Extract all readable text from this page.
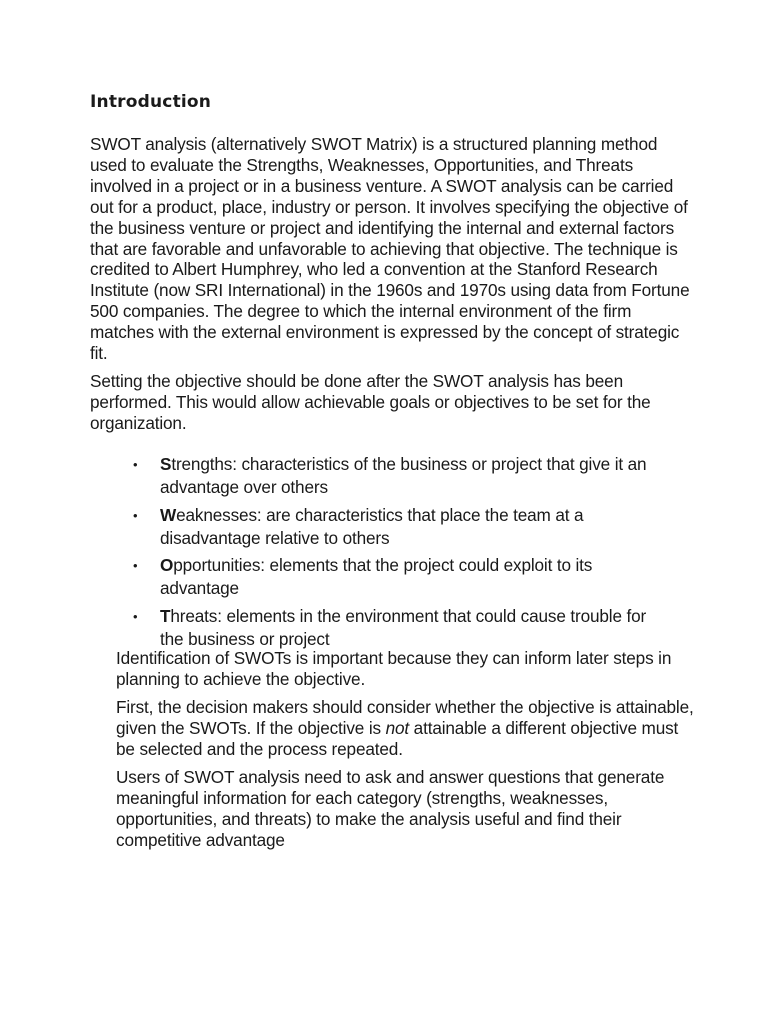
Introduction

SWOT analysis (alternatively SWOT Matrix) is a structured planning method used to evaluate the Strengths, Weaknesses, Opportunities, and Threats involved in a project or in a business venture. A SWOT analysis can be carried out for a product, place, industry or person. It involves specifying the objective of the business venture or project and identifying the internal and external factors that are favorable and unfavorable to achieving that objective. The technique is credited to Albert Humphrey, who led a convention at the Stanford Research Institute (now SRI International) in the 1960s and 1970s using data from Fortune 500 companies. The degree to which the internal environment of the firm matches with the external environment is expressed by the concept of strategic fit.

Setting the objective should be done after the SWOT analysis has been performed. This would allow achievable goals or objectives to be set for the organization.

• Strengths: characteristics of the business or project that give it an advantage over others
• Weaknesses: are characteristics that place the team at a disadvantage relative to others
• Opportunities: elements that the project could exploit to its advantage
• Threats: elements in the environment that could cause trouble for the business or project

Identification of SWOTs is important because they can inform later steps in planning to achieve the objective.

First, the decision makers should consider whether the objective is attainable, given the SWOTs. If the objective is not attainable a different objective must be selected and the process repeated.

Users of SWOT analysis need to ask and answer questions that generate meaningful information for each category (strengths, weaknesses, opportunities, and threats) to make the analysis useful and find their competitive advantage
